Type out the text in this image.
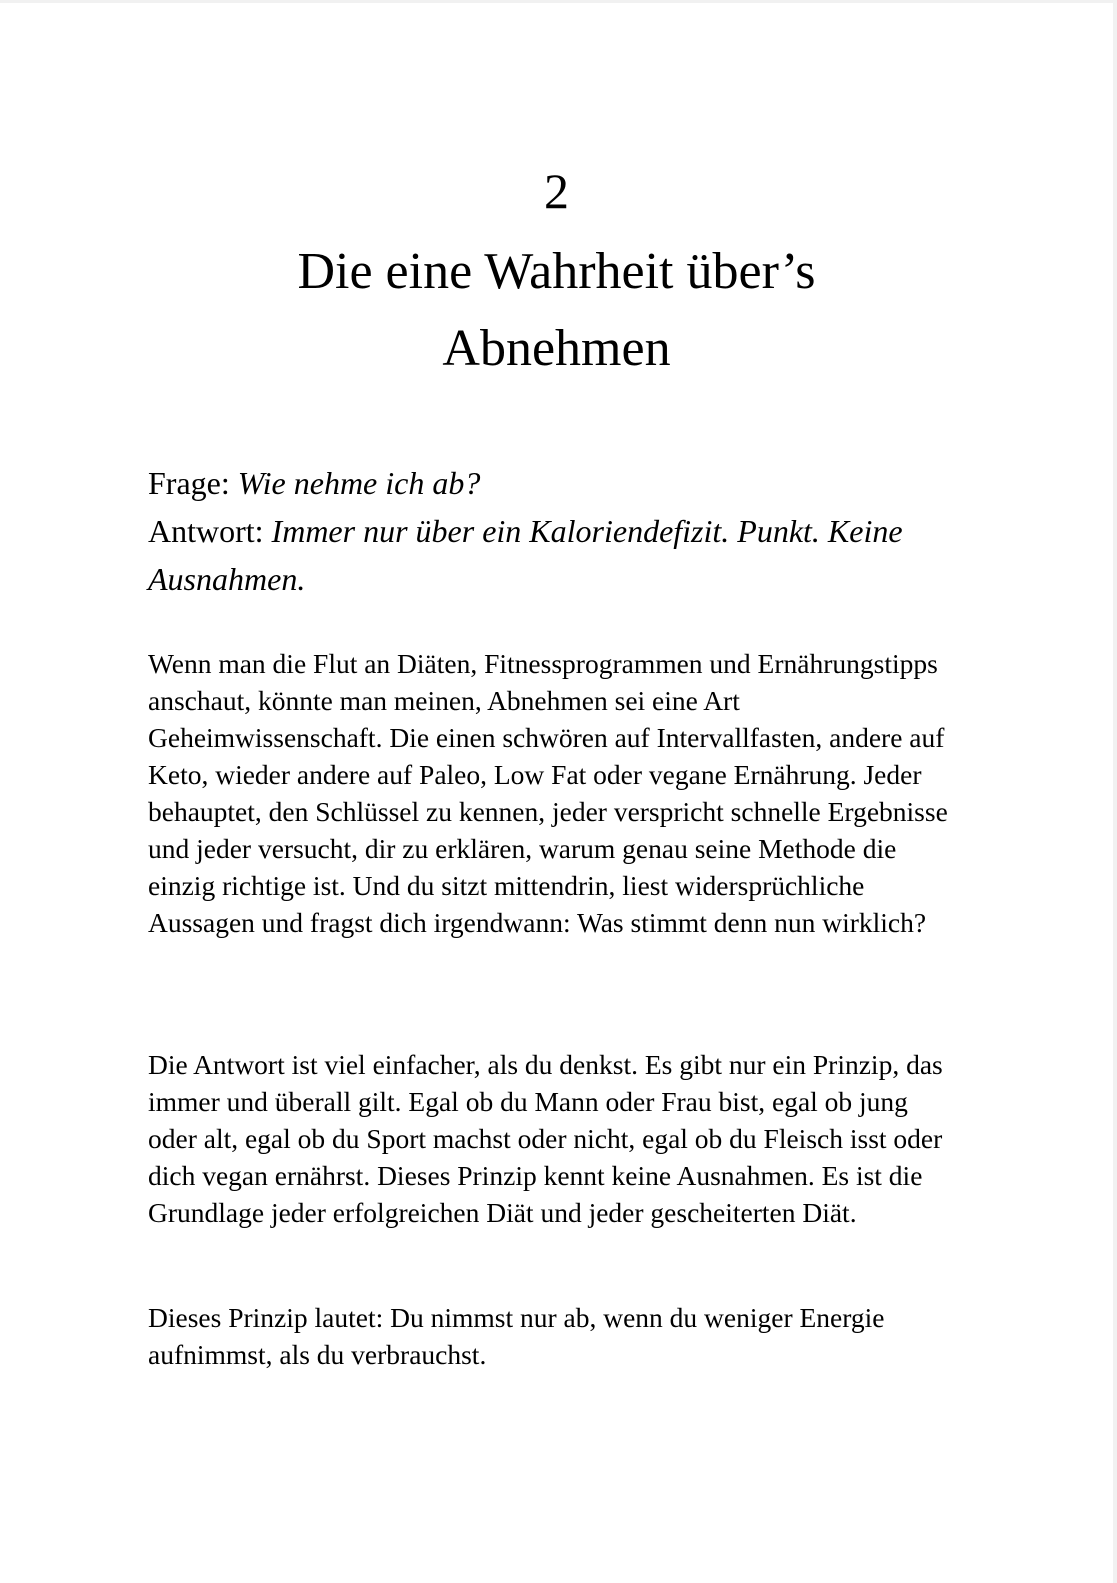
2
Die eine Wahrheit über’s
Abnehmen
Frage: Wie nehme ich ab?
Antwort: Immer nur über ein Kaloriendefizit. Punkt. Keine Ausnahmen.

Wenn man die Flut an Diäten, Fitnessprogrammen und Ernährungstipps anschaut, könnte man meinen, Abnehmen sei eine Art Geheimwissenschaft. Die einen schwören auf Intervallfasten, andere auf Keto, wieder andere auf Paleo, Low Fat oder vegane Ernährung. Jeder behauptet, den Schlüssel zu kennen, jeder verspricht schnelle Ergebnisse und jeder versucht, dir zu erklären, warum genau seine Methode die einzig richtige ist. Und du sitzt mittendrin, liest widersprüchliche Aussagen und fragst dich irgendwann: Was stimmt denn nun wirklich?

Die Antwort ist viel einfacher, als du denkst. Es gibt nur ein Prinzip, das immer und überall gilt. Egal ob du Mann oder Frau bist, egal ob jung oder alt, egal ob du Sport machst oder nicht, egal ob du Fleisch isst oder dich vegan ernährst. Dieses Prinzip kennt keine Ausnahmen. Es ist die Grundlage jeder erfolgreichen Diät und jeder gescheiterten Diät.

Dieses Prinzip lautet: Du nimmst nur ab, wenn du weniger Energie aufnimmst, als du verbrauchst.
